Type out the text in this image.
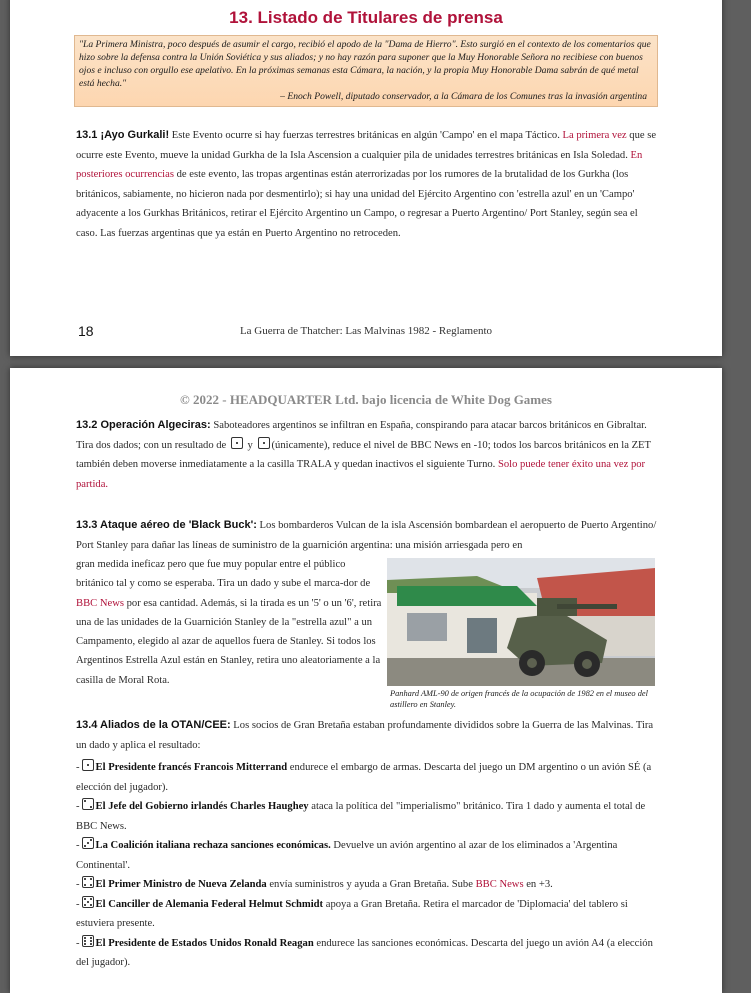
13. Listado de Titulares de prensa
"La Primera Ministra, poco después de asumir el cargo, recibió el apodo de la "Dama de Hierro". Esto surgió en el contexto de los comentarios que hizo sobre la defensa contra la Unión Soviética y sus aliados; y no hay razón para suponer que la Muy Honorable Señora no recibiese con buenos ojos e incluso con orgullo ese apelativo. En la próximas semanas esta Cámara, la nación, y la propia Muy Honorable Dama sabrán de qué metal está hecha."
– Enoch Powell, diputado conservador, a la Cámara de los Comunes tras la invasión argentina

13.1 ¡Ayo Gurkali! Este Evento ocurre si hay fuerzas terrestres británicas en algún 'Campo' en el mapa Táctico. La primera vez que se ocurre este Evento, mueve la unidad Gurkha de la Isla Ascension a cualquier pila de unidades terrestres británicas en Isla Soledad. En posteriores ocurrencias de este evento, las tropas argentinas están aterrorizadas por los rumores de la brutalidad de los Gurkha (los británicos, sabiamente, no hicieron nada por desmentirlo); si hay una unidad del Ejército Argentino con 'estrella azul' en un 'Campo' adyacente a los Gurkhas Británicos, retirar el Ejército Argentino un Campo, o regresar a Puerto Argentino/ Port Stanley, según sea el caso. Las fuerzas argentinas que ya están en Puerto Argentino no retroceden.

18	La Guerra de Thatcher: Las Malvinas 1982 - Reglamento
© 2022 - HEADQUARTER Ltd. bajo licencia de White Dog Games

13.2 Operación Algeciras: Saboteadores argentinos se infiltran en España, conspirando para atacar barcos británicos en Gibraltar. Tira dos dados; con un resultado de
y
(únicamente), reduce el nivel de BBC News en -10; todos los barcos británicos en la ZET también deben moverse inmediatamente a la casilla TRALA y quedan inactivos el siguiente Turno. Solo puede tener éxito una vez por partida.

13.3 Ataque aéreo de 'Black Buck': Los bombarderos Vulcan de la isla Ascensión bombardean el aeropuerto de Puerto Argentino/ Port Stanley para dañar las líneas de suministro de la guarnición argentina: una misión arriesgada pero en

gran medida ineficaz pero que fue muy popular entre el público británico tal y como se esperaba. Tira un dado y sube el marca-dor de BBC News por esa cantidad. Además, si la tirada es un '5' o un '6', retira una de las unidades de la Guarnición Stanley de la "estrella azul" a un Campamento, elegido al azar de aquellos fuera de Stanley. Si todos los Argentinos Estrella Azul están en Stanley, retira uno aleatoriamente a la casilla de Moral Rota.

Panhard AML-90 de origen francés de la ocupación de 1982 en el museo del astillero en Stanley.

13.4 Aliados de la OTAN/CEE: Los socios de Gran Bretaña estaban profundamente divididos sobre la Guerra de las Malvinas. Tira un dado y aplica el resultado:

- El Presidente francés Francois Mitterrand endurece el embargo de armas. Descarta del juego un DM argentino o un avión SÉ (a elección del jugador).
- El Jefe del Gobierno irlandés Charles Haughey ataca la política del "imperialismo" británico. Tira 1 dado y aumenta el total de BBC News.
- La Coalición italiana rechaza sanciones económicas. Devuelve un avión argentino al azar de los eliminados a 'Argentina Continental'.
- El Primer Ministro de Nueva Zelanda envía suministros y ayuda a Gran Bretaña. Sube BBC News en +3.
- El Canciller de Alemania Federal Helmut Schmidt apoya a Gran Bretaña. Retira el marcador de 'Diplomacia' del tablero si estuviera presente.
- El Presidente de Estados Unidos Ronald Reagan endurece las sanciones económicas. Descarta del juego un avión A4 (a elección del jugador).
